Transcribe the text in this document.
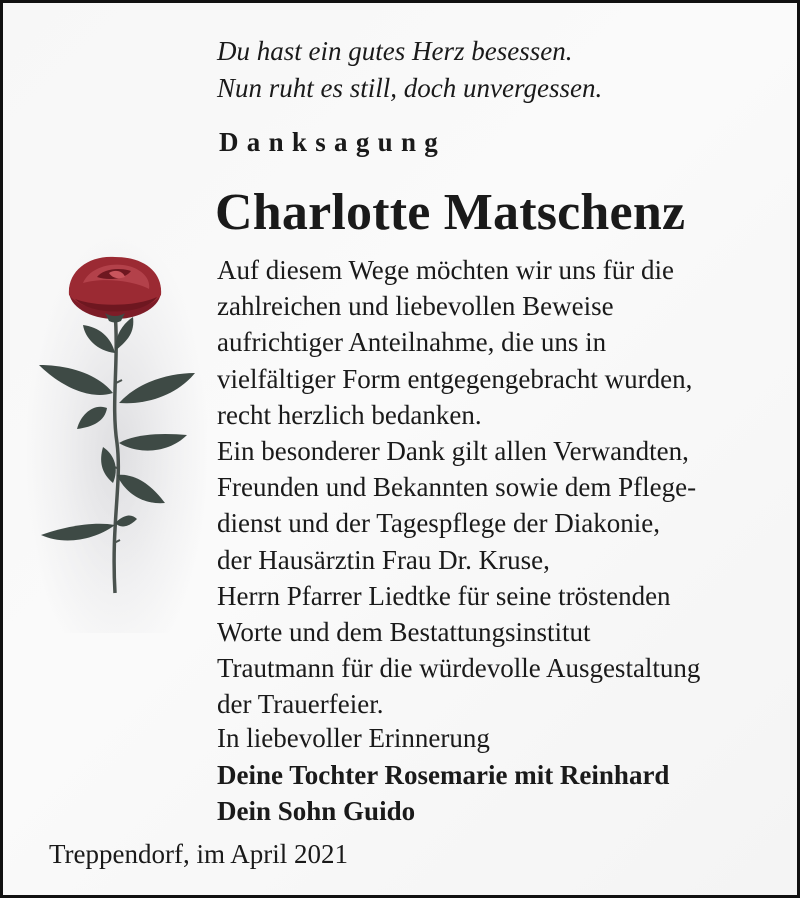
Du hast ein gutes Herz besessen.
Nun ruht es still, doch unvergessen.
Danksagung
Charlotte Matschenz
Auf diesem Wege möchten wir uns für die
zahlreichen und liebevollen Beweise
aufrichtiger Anteilnahme, die uns in
vielfältiger Form entgegengebracht wurden,
recht herzlich bedanken.
Ein besonderer Dank gilt allen Verwandten,
Freunden und Bekannten sowie dem Pflege-
dienst und der Tagespflege der Diakonie,
der Hausärztin Frau Dr. Kruse,
Herrn Pfarrer Liedtke für seine tröstenden
Worte und dem Bestattungsinstitut
Trautmann für die würdevolle Ausgestaltung
der Trauerfeier.
In liebevoller Erinnerung
Deine Tochter Rosemarie mit Reinhard
Dein Sohn Guido
Treppendorf, im April 2021
